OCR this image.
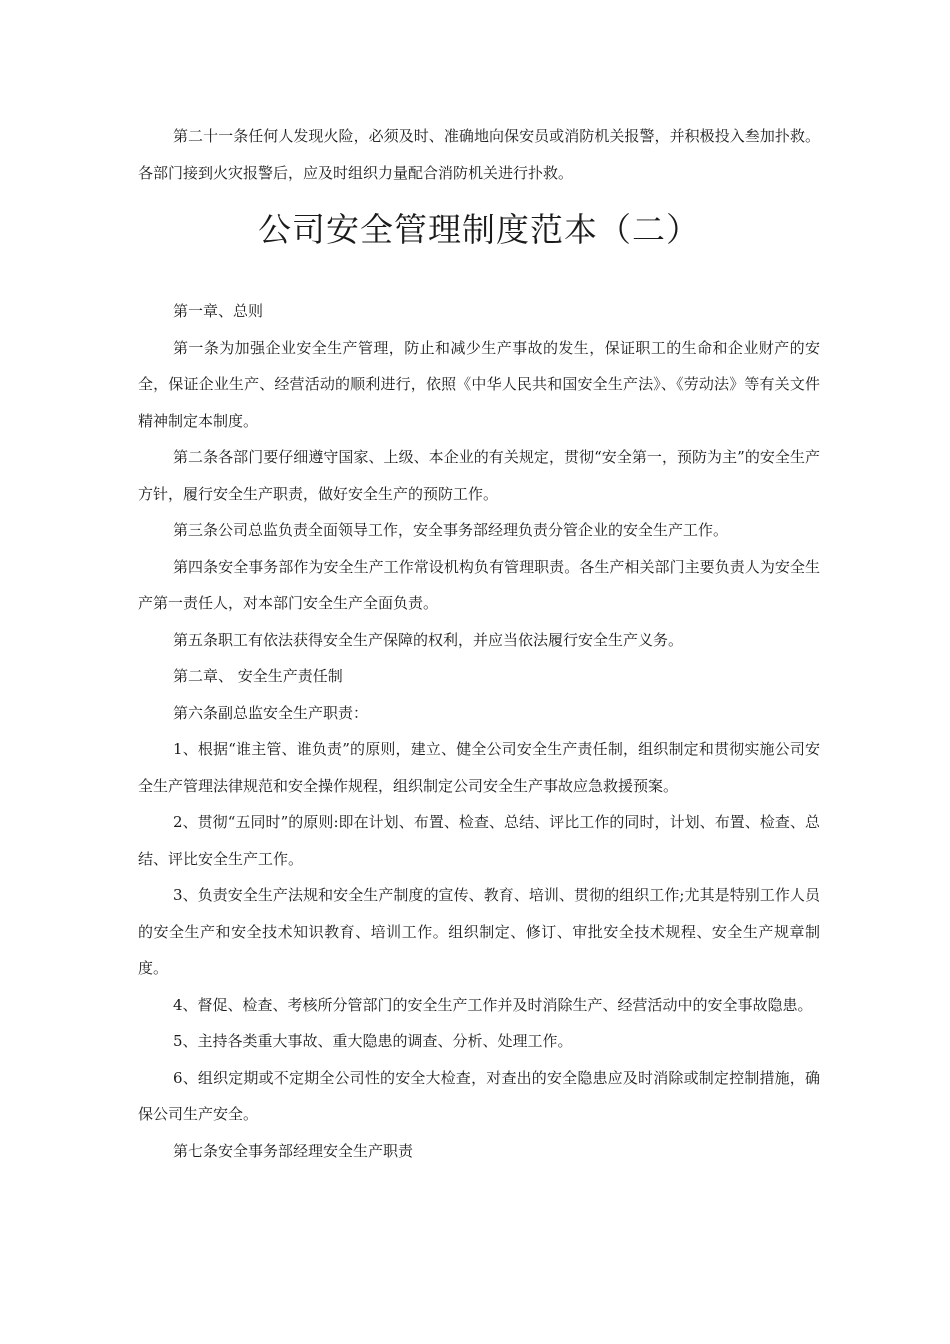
第二十一条任何人发现火险，必须及时、准确地向保安员或消防机关报警，并积极投入叁加扑救。各部门接到火灾报警后，应及时组织力量配合消防机关进行扑救。

公司安全管理制度范本（二）

第一章、总则

第一条为加强企业安全生产管理，防止和减少生产事故的发生，保证职工的生命和企业财产的安全，保证企业生产、经营活动的顺利进行，依照《中华人民共和国安全生产法》、《劳动法》等有关文件精神制定本制度。

第二条各部门要仔细遵守国家、上级、本企业的有关规定，贯彻“安全第一，预防为主”的安全生产方针，履行安全生产职责，做好安全生产的预防工作。

第三条公司总监负责全面领导工作，安全事务部经理负责分管企业的安全生产工作。

第四条安全事务部作为安全生产工作常设机构负有管理职责。各生产相关部门主要负责人为安全生产第一责任人，对本部门安全生产全面负责。

第五条职工有依法获得安全生产保障的权利，并应当依法履行安全生产义务。

第二章、 安全生产责任制

第六条副总监安全生产职责：

1、根据“谁主管、谁负责”的原则，建立、健全公司安全生产责任制，组织制定和贯彻实施公司安全生产管理法律规范和安全操作规程，组织制定公司安全生产事故应急救援预案。

2、贯彻“五同时”的原则:即在计划、布置、检查、总结、评比工作的同时，计划、布置、检查、总结、评比安全生产工作。

3、负责安全生产法规和安全生产制度的宣传、教育、培训、贯彻的组织工作;尤其是特别工作人员的安全生产和安全技术知识教育、培训工作。组织制定、修订、审批安全技术规程、安全生产规章制度。

4、督促、检查、考核所分管部门的安全生产工作并及时消除生产、经营活动中的安全事故隐患。

5、主持各类重大事故、重大隐患的调查、分析、处理工作。

6、组织定期或不定期全公司性的安全大检查，对查出的安全隐患应及时消除或制定控制措施，确保公司生产安全。

第七条安全事务部经理安全生产职责
